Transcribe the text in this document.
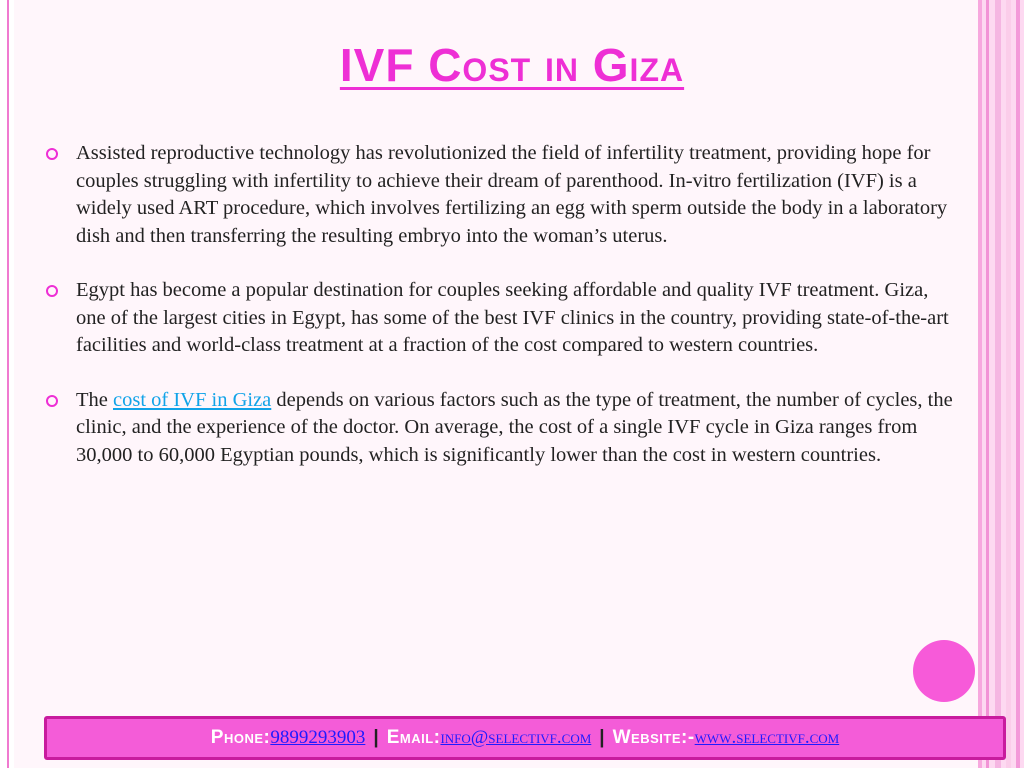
IVF Cost in Giza

Assisted reproductive technology has revolutionized the field of infertility treatment, providing hope for couples struggling with infertility to achieve their dream of parenthood. In-vitro fertilization (IVF) is a widely used ART procedure, which involves fertilizing an egg with sperm outside the body in a laboratory dish and then transferring the resulting embryo into the woman’s uterus.

Egypt has become a popular destination for couples seeking affordable and quality IVF treatment. Giza, one of the largest cities in Egypt, has some of the best IVF clinics in the country, providing state-of-the-art facilities and world-class treatment at a fraction of the cost compared to western countries.

The cost of IVF in Giza depends on various factors such as the type of treatment, the number of cycles, the clinic, and the experience of the doctor. On average, the cost of a single IVF cycle in Giza ranges from 30,000 to 60,000 Egyptian pounds, which is significantly lower than the cost in western countries.

Phone: 9899293903 | Email: info@selectivf.com | Website:- www.selectivf.com
